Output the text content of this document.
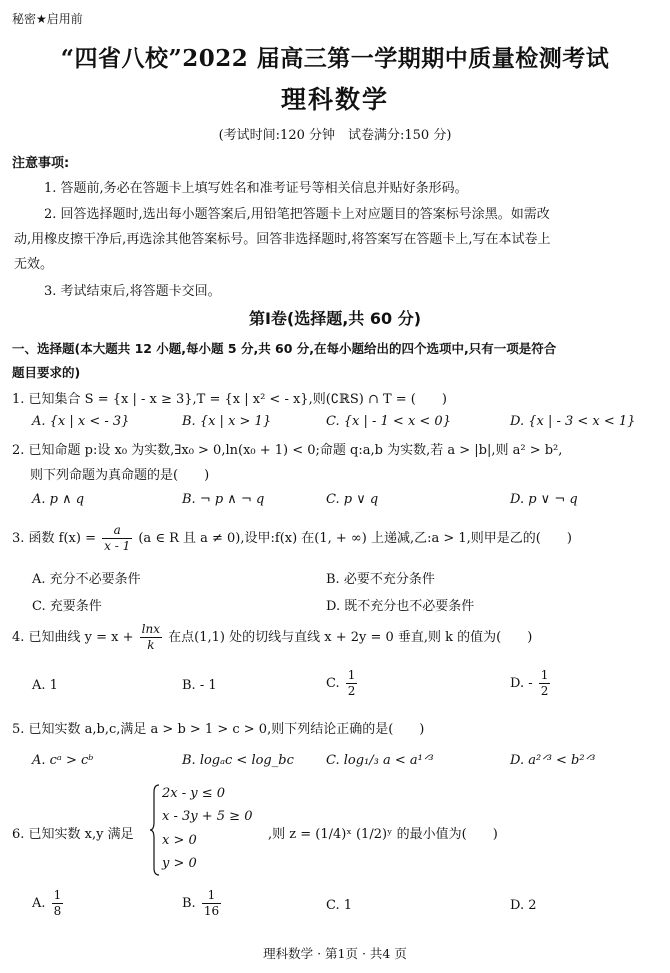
秘密★启用前
“四省八校”2022 届高三第一学期期中质量检测考试
理科数学
(考试时间:120 分钟　试卷满分:150 分)
注意事项:
1. 答题前,务必在答题卡上填写姓名和准考证号等相关信息并贴好条形码。
2. 回答选择题时,选出每小题答案后,用铅笔把答题卡上对应题目的答案标号涂黑。如需改
动,用橡皮擦干净后,再选涂其他答案标号。回答非选择题时,将答案写在答题卡上,写在本试卷上
无效。
3. 考试结束后,将答题卡交回。
第Ⅰ卷(选择题,共 60 分)
一、选择题(本大题共 12 小题,每小题 5 分,共 60 分,在每小题给出的四个选项中,只有一项是符合
题目要求的)
1. 已知集合 S = {x | - x ≥ 3},T = {x | x² < - x},则(∁ℝS) ∩ T = (　　)
A. {x | x < - 3}	B. {x | x > 1}	C. {x | - 1 < x < 0}	D. {x | - 3 < x < 1}
2. 已知命题 p:设 x₀ 为实数,∃x₀ > 0,ln(x₀ + 1) < 0;命题 q:a,b 为实数,若 a > |b|,则 a² > b²,
则下列命题为真命题的是(　　)
A. p ∧ q	B. ¬ p ∧ ¬ q	C. p ∨ q	D. p ∨ ¬ q
3. 函数 $f(x) = \frac{a}{x - 1} (a$ ∈ R 且 a ≠ 0),设甲:f(x) 在(1, + ∞) 上递减,乙:a > 1,则甲是乙的(　　)
A. 充分不必要条件	B. 必要不充分条件
C. 充要条件	D. 既不充分也不必要条件
4. 已知曲线 $y = x + \frac{\ln x}{k}$ 在点(1,1) 处的切线与直线 x + 2y = 0 垂直,则 k 的值为(　　)
A. 1	B. - 1	C. $\frac{1}{2}$	D. - $\frac{1}{2}$
5. 已知实数 a,b,c,满足 a > b > 1 > c > 0,则下列结论正确的是(　　)
A. cᵃ > cᵇ	B. logₐc < log_bc C. log₁/₃ a < a¹ᐟ³	D. a²ᐟ³ < b²ᐟ³
6. 已知实数 x,y 满足
2x - y ≤ 0
x - 3y + 5 ≥ 0
x > 0
y > 0
,则 z = (1/4)ˣ (1/2)ʸ 的最小值为(　　)
A. $\frac{1}{8}$	B. $\frac{1}{16}$	C. 1	D. 2
理科数学 · 第1页 · 共4 页
